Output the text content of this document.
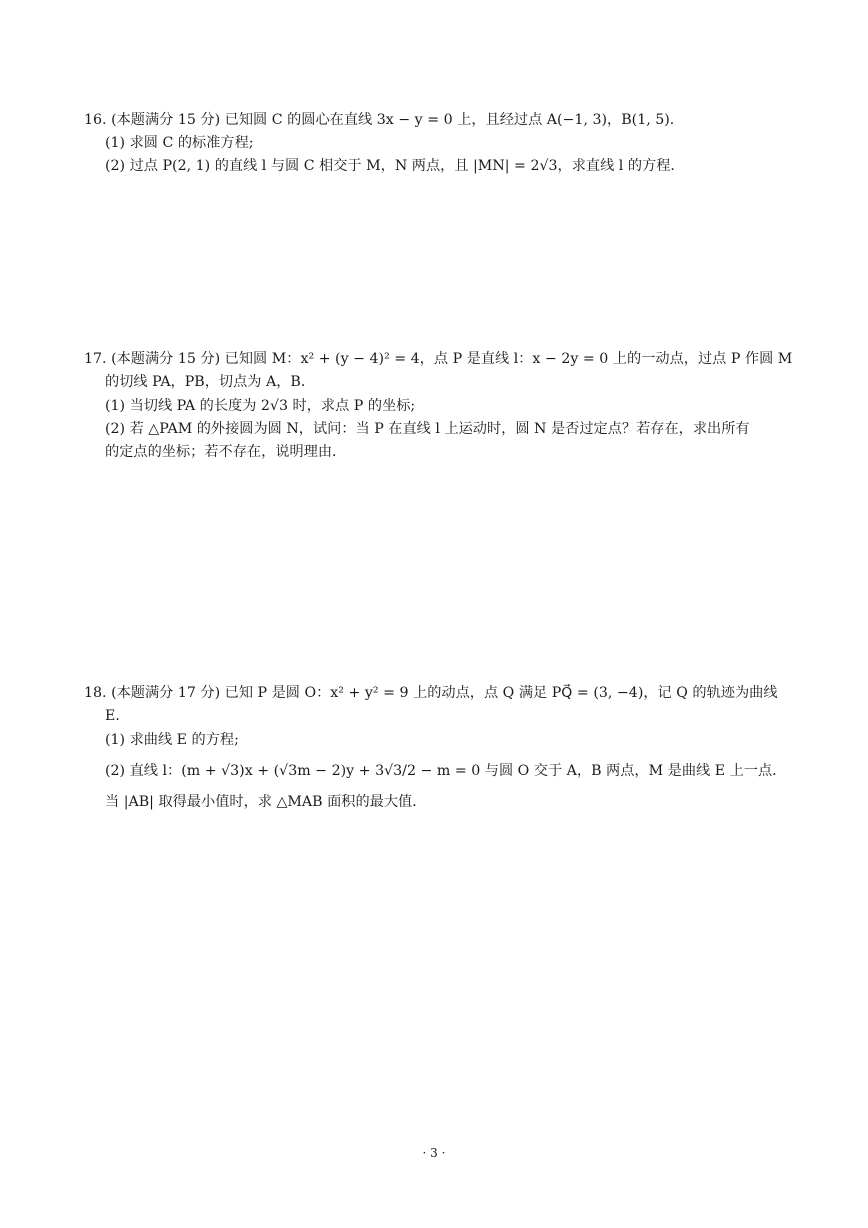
16. (本题满分 15 分) 已知圆 C 的圆心在直线 3x − y = 0 上，且经过点 A(−1, 3)，B(1, 5)．
(1) 求圆 C 的标准方程;
(2) 过点 P(2, 1) 的直线 l 与圆 C 相交于 M，N 两点，且 |MN| = 2√3，求直线 l 的方程．
17. (本题满分 15 分) 已知圆 M：x² + (y − 4)² = 4，点 P 是直线 l：x − 2y = 0 上的一动点，过点 P 作圆 M
的切线 PA，PB，切点为 A，B．
(1) 当切线 PA 的长度为 2√3 时，求点 P 的坐标;
(2) 若 △PAM 的外接圆为圆 N，试问：当 P 在直线 l 上运动时，圆 N 是否过定点？若存在，求出所有
的定点的坐标；若不存在，说明理由．
18. (本题满分 17 分) 已知 P 是圆 O：x² + y² = 9 上的动点，点 Q 满足 PQ⃗ = (3, −4)，记 Q 的轨迹为曲线
E．
(1) 求曲线 E 的方程;
(2) 直线 l：(m + √3)x + (√3m − 2)y + 3√3/2 − m = 0 与圆 O 交于 A，B 两点，M 是曲线 E 上一点．
当 |AB| 取得最小值时，求 △MAB 面积的最大值．
· 3 ·
